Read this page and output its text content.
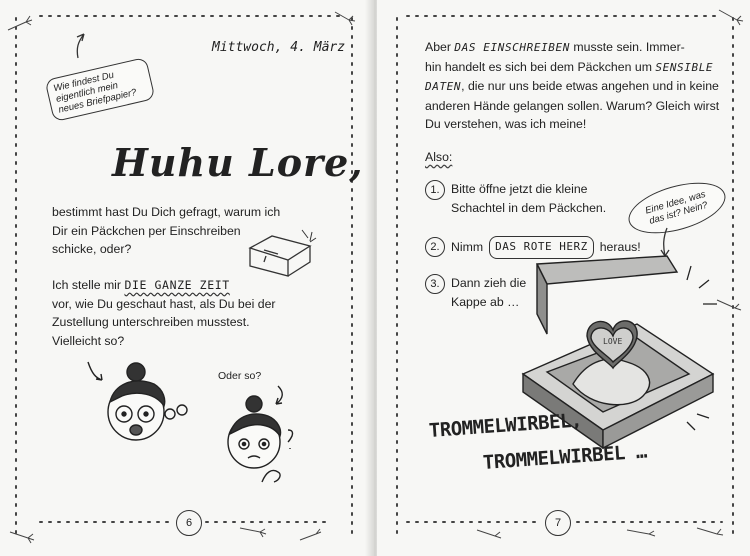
Mittwoch, 4. März
Wie findest Du eigentlich mein neues Briefpapier?
Huhu Lore,
bestimmt hast Du Dich gefragt, warum ich
Dir ein Päckchen per Einschreiben
schicke, oder?
Ich stelle mir DIE GANZE ZEIT
vor, wie Du geschaut hast, als Du bei der
Zustellung unterschreiben musstest.
Vielleicht so?
Oder so?
6
Aber DAS EINSCHREIBEN musste sein. Immer-
hin handelt es sich bei dem Päckchen um SENSIBLE
DATEN, die nur uns beide etwas angehen und in keine
anderen Hände gelangen sollen. Warum? Gleich wirst
Du verstehen, was ich meine!
Also:
1. Bitte öffne jetzt die kleine
Schachtel in dem Päckchen.
2. Nimm	DAS ROTE HERZ heraus!
3. Dann zieh die
Kappe ab …
Eine Idee, was das ist? Nein?
LOVE
TROMMELWIRBEL,
TROMMELWIRBEL …
7
